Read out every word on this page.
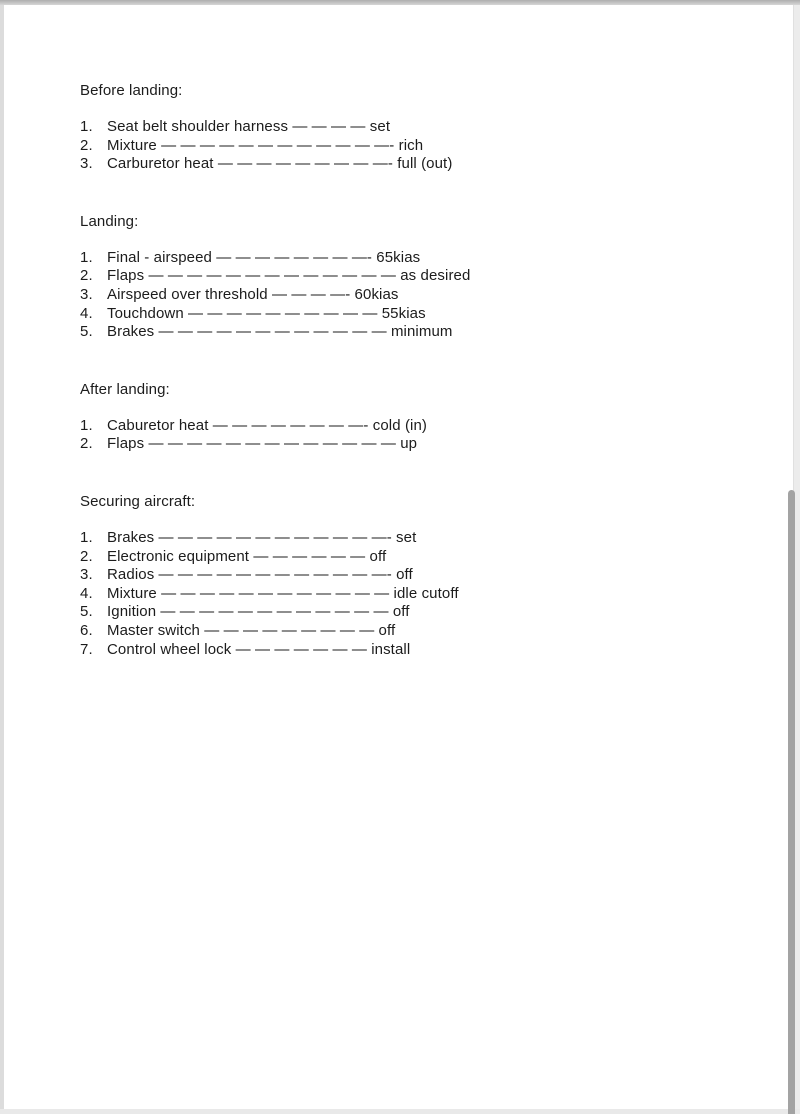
Before landing:

1. Seat belt shoulder harness — — — — set
2. Mixture — — — — — — — — — — — —- rich
3. Carburetor heat — — — — — — — — —- full (out)

Landing:

1. Final - airspeed — — — — — — — —- 65kias
2. Flaps — — — — — — — — — — — — — as desired
3. Airspeed over threshold — — — —- 60kias
4. Touchdown — — — — — — — — — — 55kias
5. Brakes — — — — — — — — — — — — minimum

After landing:

1. Caburetor heat — — — — — — — —- cold (in)
2. Flaps — — — — — — — — — — — — — up

Securing aircraft:

1. Brakes — — — — — — — — — — — —- set
2. Electronic equipment — — — — — — off
3. Radios — — — — — — — — — — — —- off
4. Mixture — — — — — — — — — — — — idle cutoff
5. Ignition — — — — — — — — — — — — off
6. Master switch — — — — — — — — — off
7. Control wheel lock — — — — — — — install
